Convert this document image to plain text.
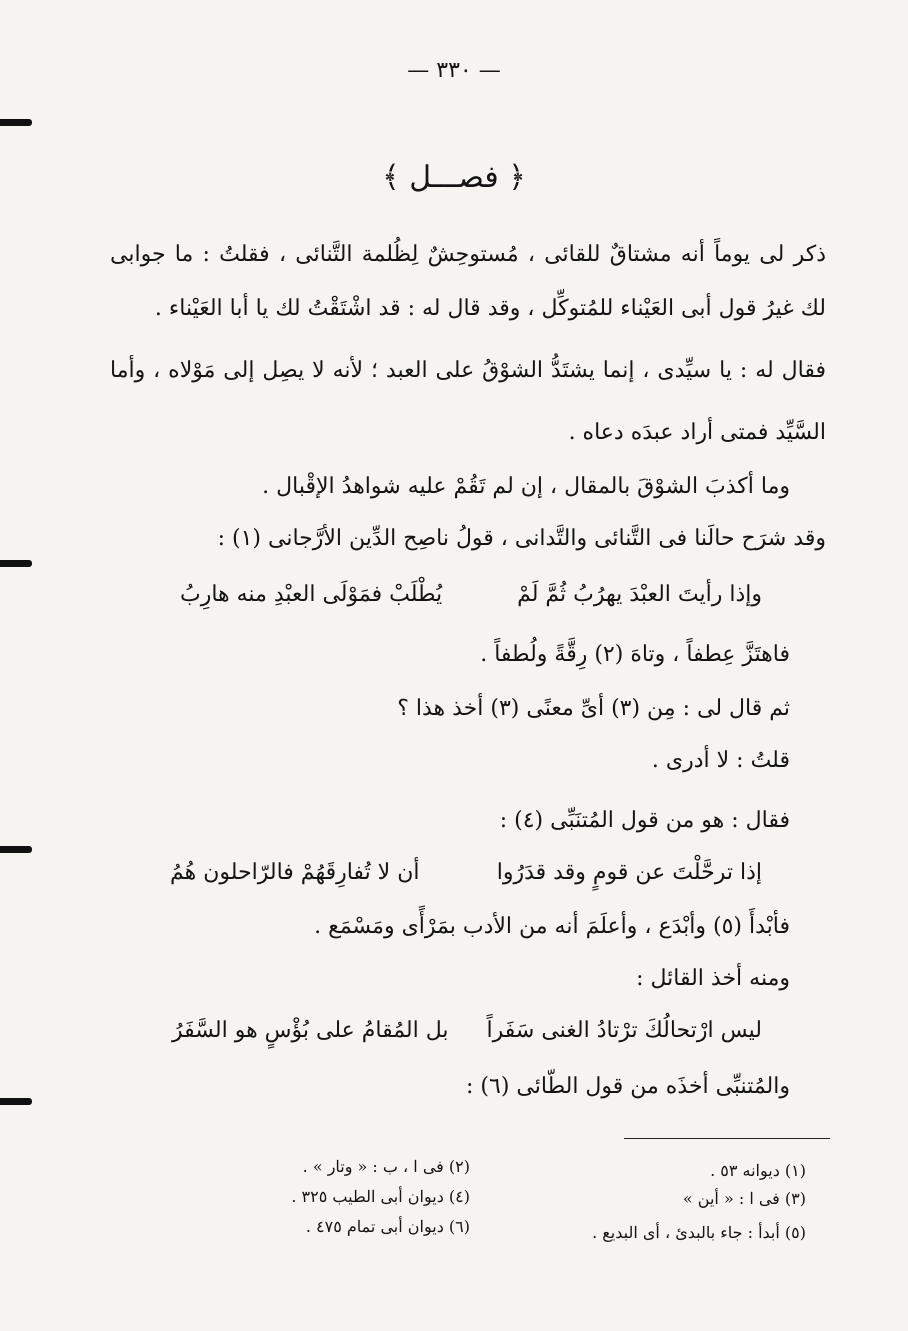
— ٣٣٠ —
﴿ فصـــل ﴾
ذكر لى يوماً أنه مشتاقٌ للقائى ، مُستوحِشٌ لِظُلمة التَّنائى ، فقلتُ : ما جوابى
لك غيرُ قول أبى العَيْناء للمُتوكِّل ، وقد قال له : قد اشْتَقْتُ لك يا أبا العَيْناء .
فقال له : يا سيِّدى ، إنما يشتَدُّ الشوْقُ على العبد ؛ لأنه لا يصِل إلى مَوْلاه ، وأما
السَّيِّد فمتى أراد عبدَه دعاه .
وما أكذبَ الشوْقَ بالمقال ، إن لم تَقُمْ عليه شواهدُ الإقْبال .
وقد شرَح حالَنا فى التَّنائى والتَّدانى ، قولُ ناصِح الدِّين الأرَّجانى (١) :
وإذا رأيتَ العبْدَ يهرُبُ ثُمَّ لَمْ
يُطْلَبْ فمَوْلَى العبْدِ منه هارِبُ
فاهتَزَّ عِطفاً ، وتاهَ (٢) رِقَّةً ولُطفاً .
ثم قال لى : مِن (٣) أىِّ معنًى (٣) أخذ هذا ؟
قلتُ : لا أدرى .
فقال : هو من قول المُتنَبِّى (٤) :
إذا ترحَّلْتَ عن قومٍ وقد قدَرُوا
أن لا تُفارِقَهُمْ فالرّاحلون هُمُ
فأبْدأَ (٥) وأبْدَع ، وأعلَمَ أنه من الأدب بمَرْأًى ومَسْمَع .
ومنه أخذ القائل :
ليس ارْتحالُكَ ترْتادُ الغنى سَفَراً
بل المُقامُ على بُؤْسٍ هو السَّفَرُ
والمُتنبِّى أخذَه من قول الطّائى (٦) :
(١) ديوانه ٥٣ .
(٣) فى ا : « أين »
(٥) أبدأ : جاء بالبدئ ، أى البديع .
(٢) فى ا ، ب : « وتار » .
(٤) ديوان أبى الطيب ٣٢٥ .
(٦) ديوان أبى تمام ٤٧٥ .
